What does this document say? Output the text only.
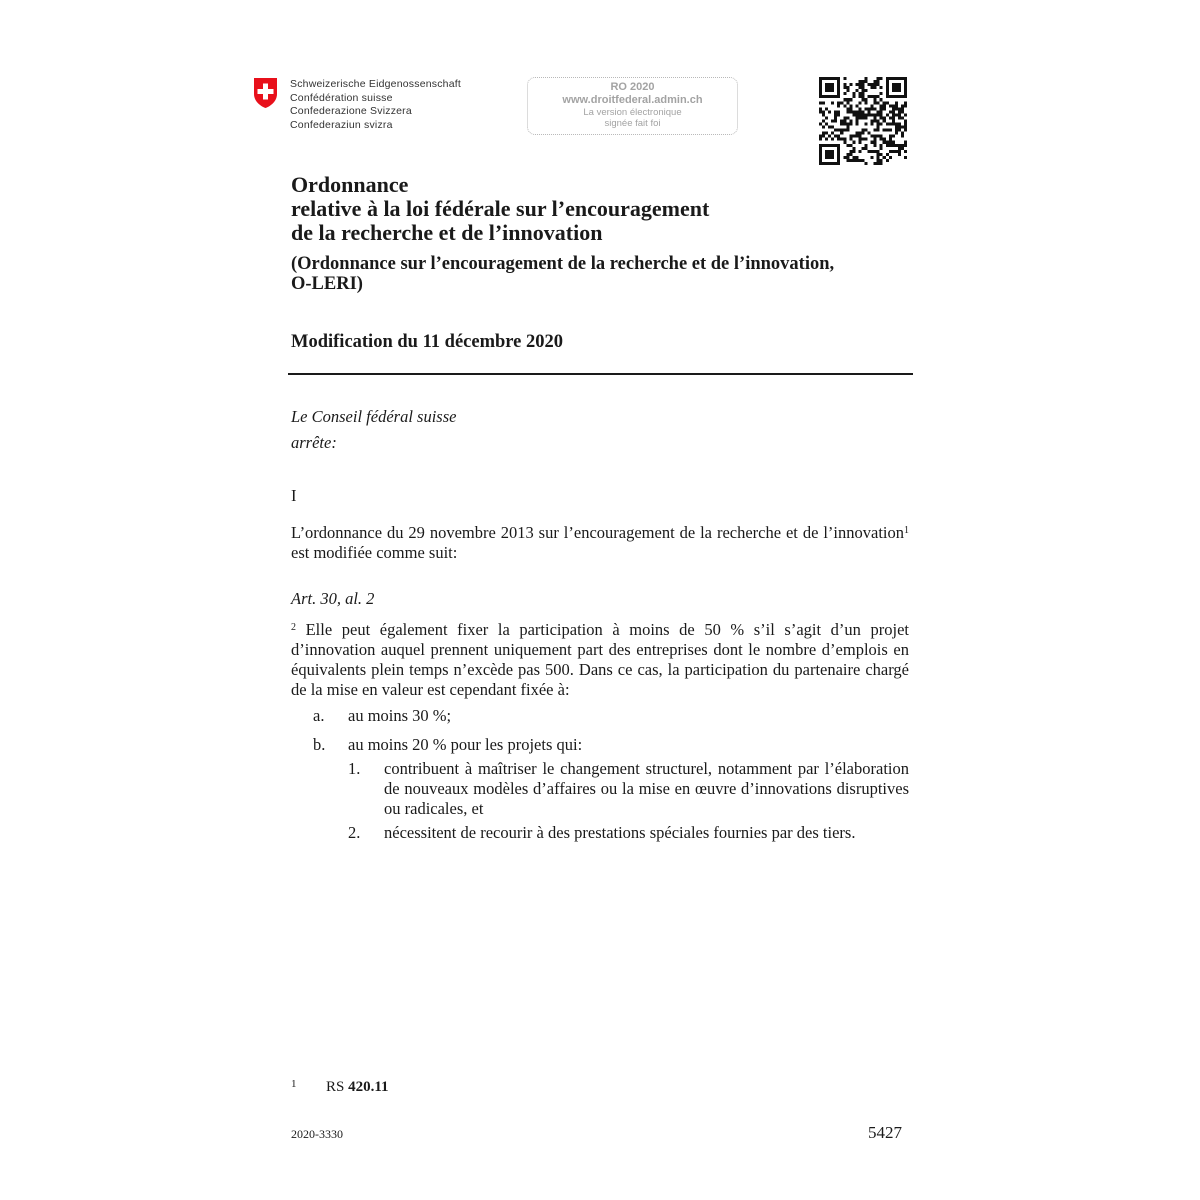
Schweizerische Eidgenossenschaft
Confédération suisse
Confederazione Svizzera
Confederaziun svizra
RO 2020
www.droitfederal.admin.ch
La version électronique
signée fait foi
Ordonnance
relative à la loi fédérale sur l’encouragement
de la recherche et de l’innovation
(Ordonnance sur l’encouragement de la recherche et de l’innovation,
O-LERI)
Modification du 11 décembre 2020
Le Conseil fédéral suisse
arrête:
I
L’ordonnance du 29 novembre 2013 sur l’encouragement de la recherche et de l’innovation$^1$ est modifiée comme suit:
Art. 30, al. 2
$^2$ Elle peut également fixer la participation à moins de 50 % s’il s’agit d’un projet d’innovation auquel prennent uniquement part des entreprises dont le nombre d’emplois en équivalents plein temps n’excède pas 500. Dans ce cas, la participation du partenaire chargé de la mise en valeur est cependant fixée à:
a. au moins 30 %;
b. au moins 20 % pour les projets qui:
1. contribuent à maîtriser le changement structurel, notamment par l’élaboration de nouveaux modèles d’affaires ou la mise en œuvre d’innovations disruptives ou radicales, et
2. nécessitent de recourir à des prestations spéciales fournies par des tiers.
1 RS 420.11
2020-3330	5427
